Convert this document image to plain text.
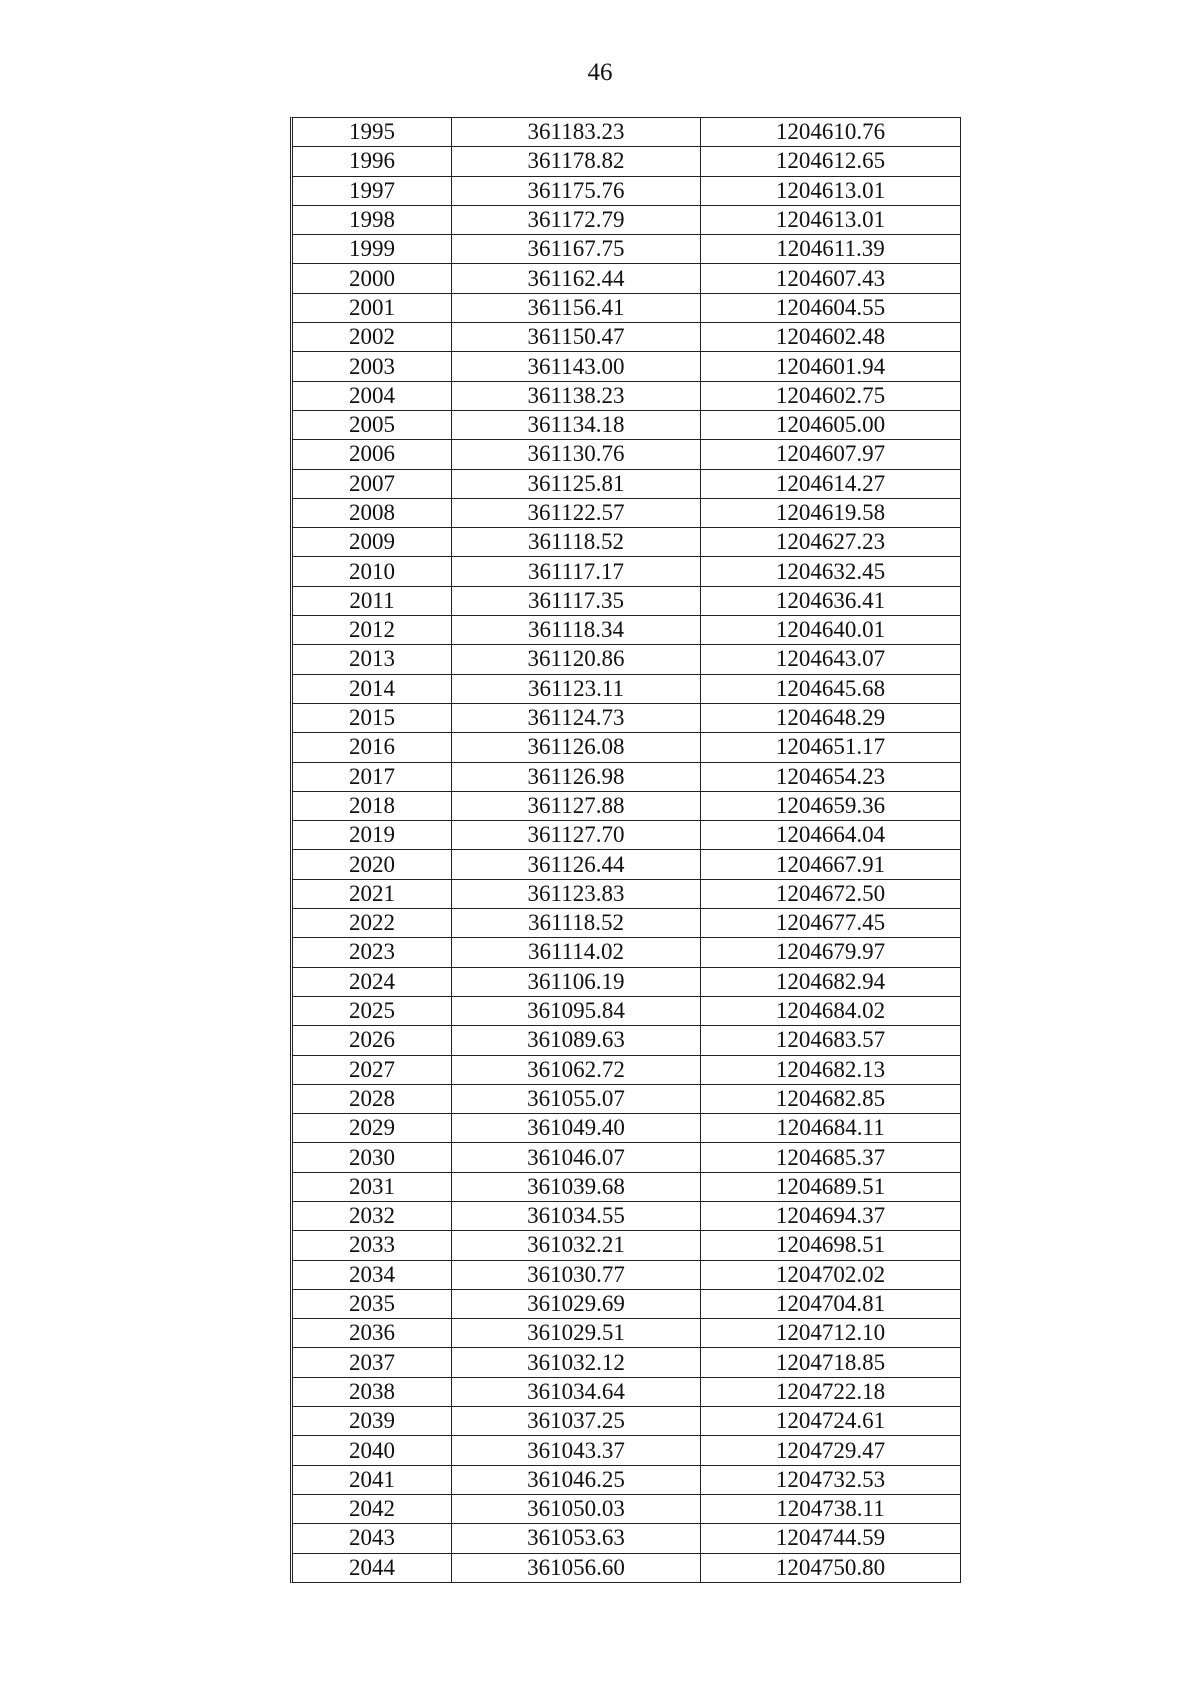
46
1995	361183.23	1204610.76
1996	361178.82	1204612.65
1997	361175.76	1204613.01
1998	361172.79	1204613.01
1999	361167.75	1204611.39
2000	361162.44	1204607.43
2001	361156.41	1204604.55
2002	361150.47	1204602.48
2003	361143.00	1204601.94
2004	361138.23	1204602.75
2005	361134.18	1204605.00
2006	361130.76	1204607.97
2007	361125.81	1204614.27
2008	361122.57	1204619.58
2009	361118.52	1204627.23
2010	361117.17	1204632.45
2011	361117.35	1204636.41
2012	361118.34	1204640.01
2013	361120.86	1204643.07
2014	361123.11	1204645.68
2015	361124.73	1204648.29
2016	361126.08	1204651.17
2017	361126.98	1204654.23
2018	361127.88	1204659.36
2019	361127.70	1204664.04
2020	361126.44	1204667.91
2021	361123.83	1204672.50
2022	361118.52	1204677.45
2023	361114.02	1204679.97
2024	361106.19	1204682.94
2025	361095.84	1204684.02
2026	361089.63	1204683.57
2027	361062.72	1204682.13
2028	361055.07	1204682.85
2029	361049.40	1204684.11
2030	361046.07	1204685.37
2031	361039.68	1204689.51
2032	361034.55	1204694.37
2033	361032.21	1204698.51
2034	361030.77	1204702.02
2035	361029.69	1204704.81
2036	361029.51	1204712.10
2037	361032.12	1204718.85
2038	361034.64	1204722.18
2039	361037.25	1204724.61
2040	361043.37	1204729.47
2041	361046.25	1204732.53
2042	361050.03	1204738.11
2043	361053.63	1204744.59
2044	361056.60	1204750.80
